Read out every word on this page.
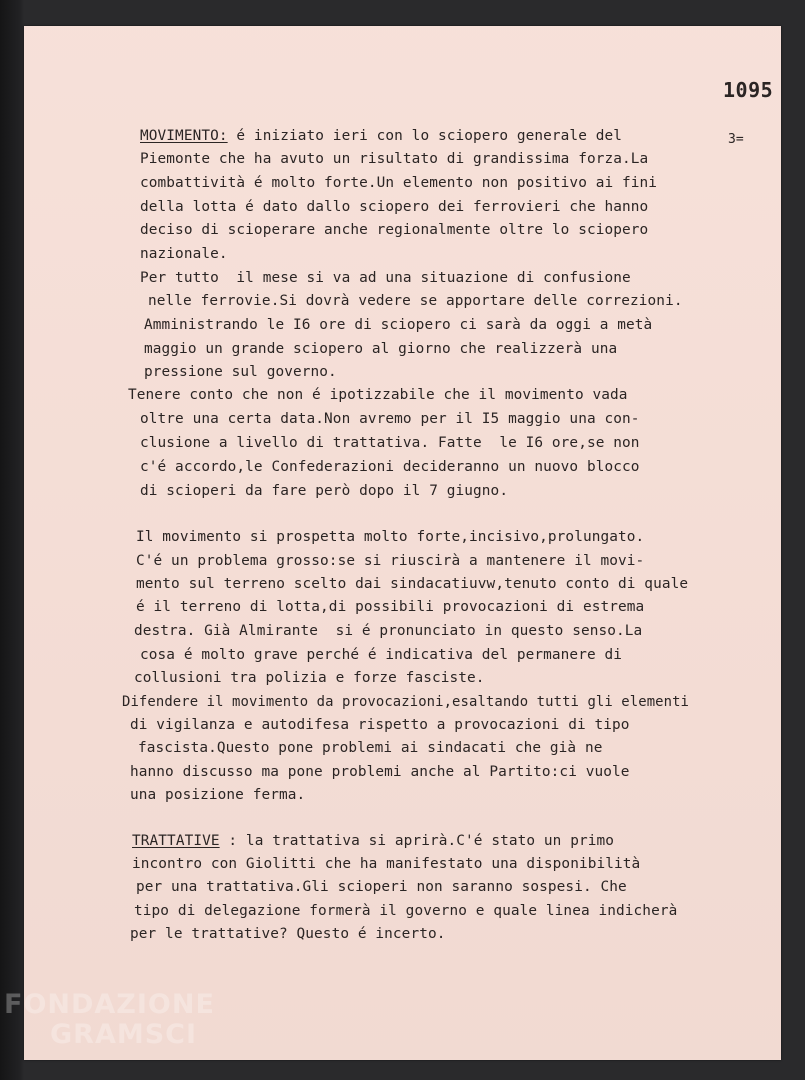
1095
3=
MOVIMENTO: é iniziato ieri con lo sciopero generale del
Piemonte che ha avuto un risultato di grandissima forza.La
combattività é molto forte.Un elemento non positivo ai fini
della lotta é dato dallo sciopero dei ferrovieri che hanno
deciso di scioperare anche regionalmente oltre lo sciopero
nazionale.
Per tutto  il mese si va ad una situazione di confusione
nelle ferrovie.Si dovrà vedere se apportare delle correzioni.
Amministrando le I6 ore di sciopero ci sarà da oggi a metà
maggio un grande sciopero al giorno che realizzerà una
pressione sul governo.
Tenere conto che non é ipotizzabile che il movimento vada
oltre una certa data.Non avremo per il I5 maggio una con-
clusione a livello di trattativa. Fatte  le I6 ore,se non
c'é accordo,le Confederazioni decideranno un nuovo blocco
di scioperi da fare però dopo il 7 giugno.
Il movimento si prospetta molto forte,incisivo,prolungato.
C'é un problema grosso:se si riuscirà a mantenere il movi-
mento sul terreno scelto dai sindacatiuvw,tenuto conto di quale
é il terreno di lotta,di possibili provocazioni di estrema
destra. Già Almirante  si é pronunciato in questo senso.La
cosa é molto grave perché é indicativa del permanere di
collusioni tra polizia e forze fasciste.
Difendere il movimento da provocazioni,esaltando tutti gli elementi
di vigilanza e autodifesa rispetto a provocazioni di tipo
fascista.Questo pone problemi ai sindacati che già ne
hanno discusso ma pone problemi anche al Partito:ci vuole
una posizione ferma.
TRATTATIVE : la trattativa si aprirà.C'é stato un primo
incontro con Giolitti che ha manifestato una disponibilità
per una trattativa.Gli scioperi non saranno sospesi. Che
tipo di delegazione formerà il governo e quale linea indicherà
per le trattative? Questo é incerto.
FONDAZIONE
GRAMSCI
